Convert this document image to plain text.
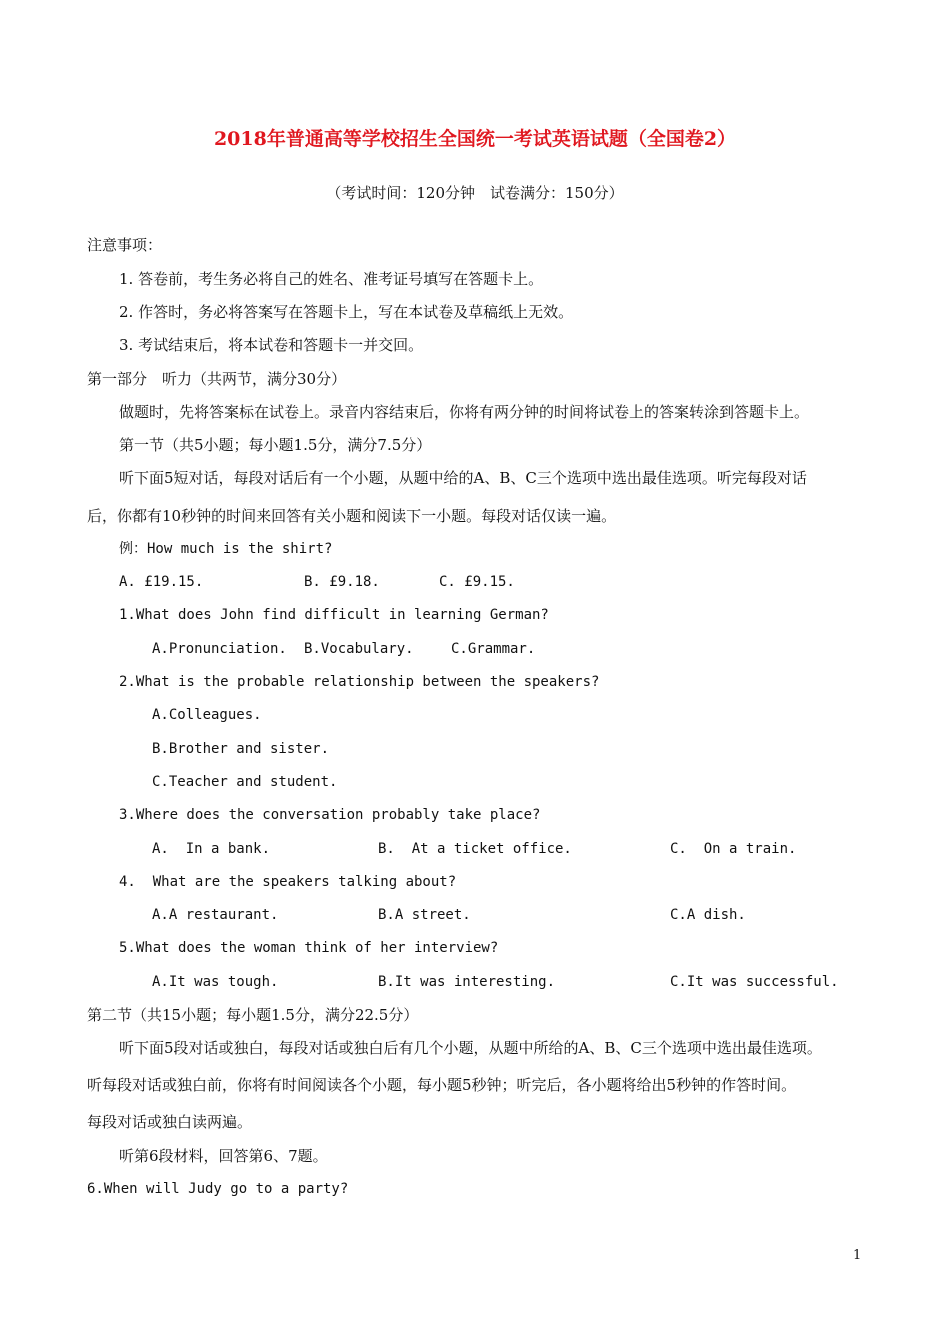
2018年普通高等学校招生全国统一考试英语试题（全国卷2）
（考试时间：120分钟　试卷满分：150分）
注意事项：
1. 答卷前，考生务必将自己的姓名、准考证号填写在答题卡上。
2. 作答时，务必将答案写在答题卡上，写在本试卷及草稿纸上无效。
3. 考试结束后，将本试卷和答题卡一并交回。
第一部分　听力（共两节，满分30分）
做题时，先将答案标在试卷上。录音内容结束后，你将有两分钟的时间将试卷上的答案转涂到答题卡上。
第一节（共5小题；每小题1.5分，满分7.5分）
听下面5短对话，每段对话后有一个小题，从题中给的A、B、C三个选项中选出最佳选项。听完每段对话
后，你都有10秒钟的时间来回答有关小题和阅读下一小题。每段对话仅读一遍。
例：How much is the shirt?
A. £19.15.	B. £9.18.	C. £9.15.
1.What does John find difficult in learning German?
A.Pronunciation. B.Vocabulary.	C.Grammar.
2.What is the probable relationship between the speakers?
A.Colleagues.
B.Brother and sister.
C.Teacher and student.
3.Where does the conversation probably take place?
A.  In a bank.	B.  At a ticket office.	C.  On a train.
4.  What are the speakers talking about?
A.A restaurant.	B.A street.	C.A dish.
5.What does the woman think of her interview?
A.It was tough.	B.It was interesting.	C.It was successful.
第二节（共15小题；每小题1.5分，满分22.5分）
听下面5段对话或独白，每段对话或独白后有几个小题，从题中所给的A、B、C三个选项中选出最佳选项。
听每段对话或独白前，你将有时间阅读各个小题，每小题5秒钟；听完后，各小题将给出5秒钟的作答时间。
每段对话或独白读两遍。
听第6段材料，回答第6、7题。
6.When will Judy go to a party?
1
